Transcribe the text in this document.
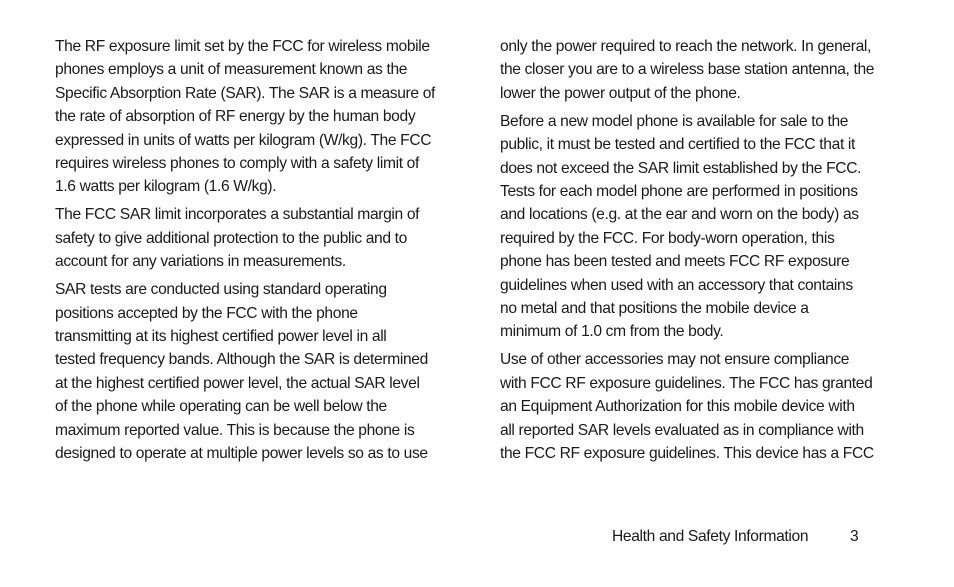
The RF exposure limit set by the FCC for wireless mobile
phones employs a unit of measurement known as the
Specific Absorption Rate (SAR). The SAR is a measure of
the rate of absorption of RF energy by the human body
expressed in units of watts per kilogram (W/kg). The FCC
requires wireless phones to comply with a safety limit of
1.6 watts per kilogram (1.6 W/kg).

The FCC SAR limit incorporates a substantial margin of
safety to give additional protection to the public and to
account for any variations in measurements.

SAR tests are conducted using standard operating
positions accepted by the FCC with the phone
transmitting at its highest certified power level in all
tested frequency bands. Although the SAR is determined
at the highest certified power level, the actual SAR level
of the phone while operating can be well below the
maximum reported value. This is because the phone is
designed to operate at multiple power levels so as to use

only the power required to reach the network. In general,
the closer you are to a wireless base station antenna, the
lower the power output of the phone.

Before a new model phone is available for sale to the
public, it must be tested and certified to the FCC that it
does not exceed the SAR limit established by the FCC.
Tests for each model phone are performed in positions
and locations (e.g. at the ear and worn on the body) as
required by the FCC. For body-worn operation, this
phone has been tested and meets FCC RF exposure
guidelines when used with an accessory that contains
no metal and that positions the mobile device a
minimum of 1.0 cm from the body.

Use of other accessories may not ensure compliance
with FCC RF exposure guidelines. The FCC has granted
an Equipment Authorization for this mobile device with
all reported SAR levels evaluated as in compliance with
the FCC RF exposure guidelines. This device has a FCC

Health and Safety Information	3
